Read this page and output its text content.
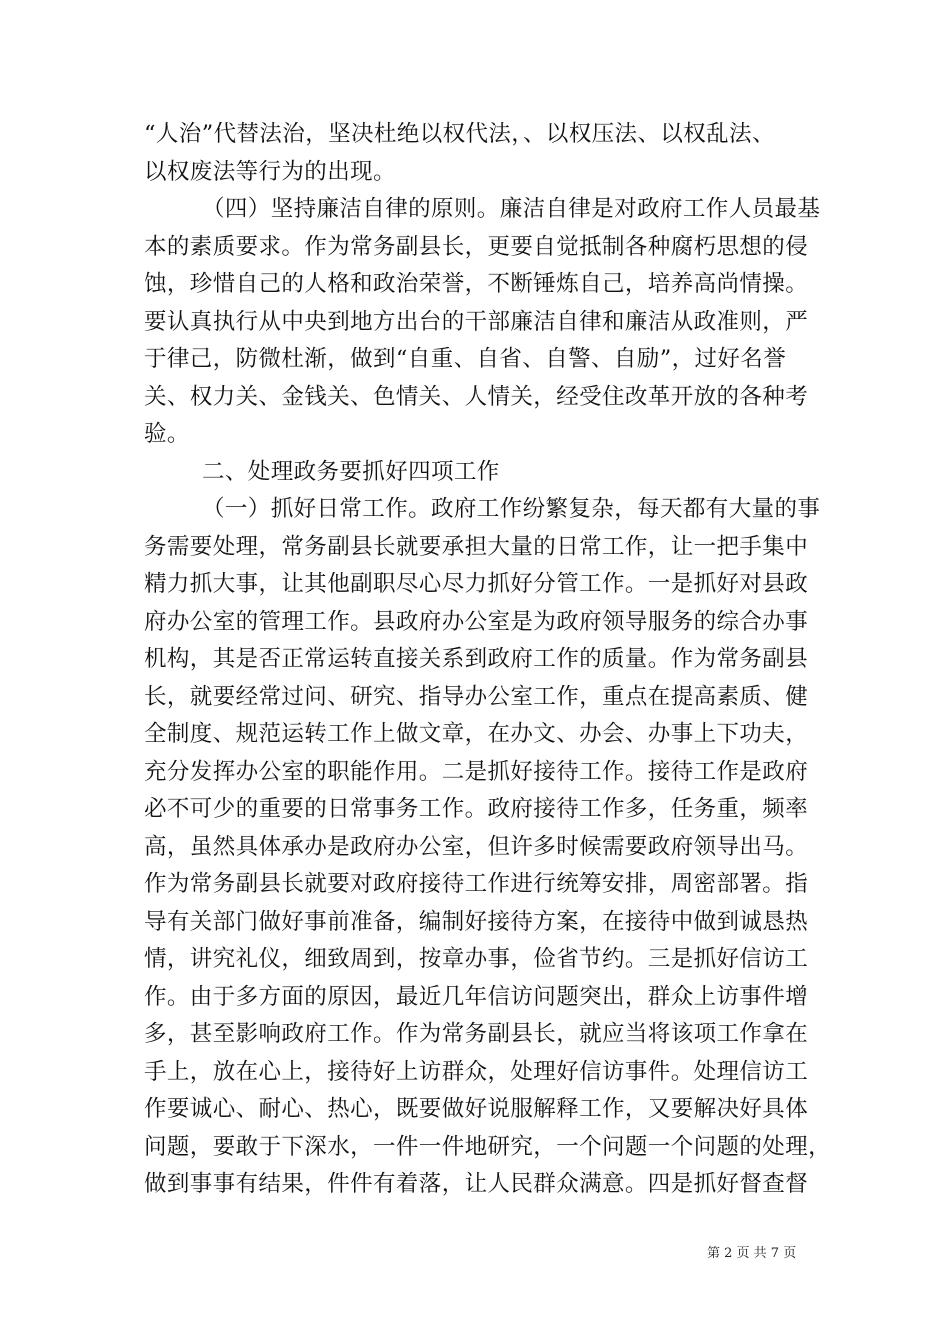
“人治”代替法治，坚决杜绝以权代法，、以权压法、以权乱法、
以权废法等行为的出现。
（四）坚持廉洁自律的原则。廉洁自律是对政府工作人员最基
本的素质要求。作为常务副县长，更要自觉抵制各种腐朽思想的侵
蚀，珍惜自己的人格和政治荣誉，不断锤炼自己，培养高尚情操。
要认真执行从中央到地方出台的干部廉洁自律和廉洁从政准则，严
于律己，防微杜渐，做到“自重、自省、自警、自励”，过好名誉
关、权力关、金钱关、色情关、人情关，经受住改革开放的各种考
验。
二、处理政务要抓好四项工作
（一）抓好日常工作。政府工作纷繁复杂，每天都有大量的事
务需要处理，常务副县长就要承担大量的日常工作，让一把手集中
精力抓大事，让其他副职尽心尽力抓好分管工作。一是抓好对县政
府办公室的管理工作。县政府办公室是为政府领导服务的综合办事
机构，其是否正常运转直接关系到政府工作的质量。作为常务副县
长，就要经常过问、研究、指导办公室工作，重点在提高素质、健
全制度、规范运转工作上做文章，在办文、办会、办事上下功夫，
充分发挥办公室的职能作用。二是抓好接待工作。接待工作是政府
必不可少的重要的日常事务工作。政府接待工作多，任务重，频率
高，虽然具体承办是政府办公室，但许多时候需要政府领导出马。
作为常务副县长就要对政府接待工作进行统筹安排，周密部署。指
导有关部门做好事前准备，编制好接待方案，在接待中做到诚恳热
情，讲究礼仪，细致周到，按章办事，俭省节约。三是抓好信访工
作。由于多方面的原因，最近几年信访问题突出，群众上访事件增
多，甚至影响政府工作。作为常务副县长，就应当将该项工作拿在
手上，放在心上，接待好上访群众，处理好信访事件。处理信访工
作要诚心、耐心、热心，既要做好说服解释工作，又要解决好具体
问题，要敢于下深水，一件一件地研究，一个问题一个问题的处理，
做到事事有结果，件件有着落，让人民群众满意。四是抓好督查督
第 2 页 共 7 页
